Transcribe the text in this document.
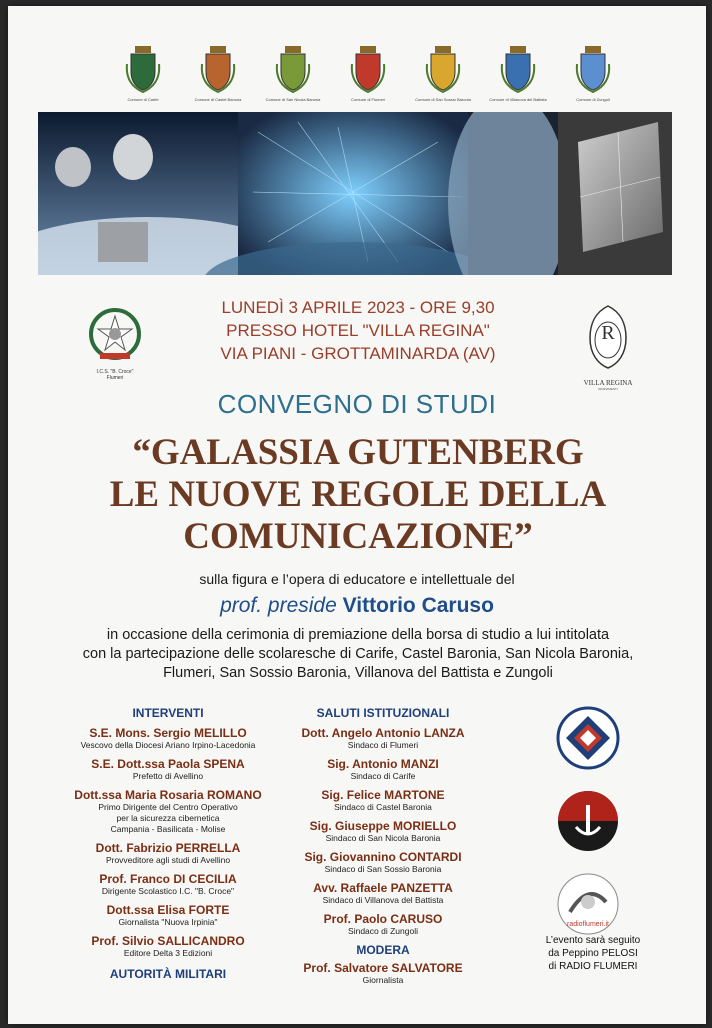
Comune di Carife	Comune di Castel Baronia	Comune di San Nicola Baronia	Comune di Flumeri	Comune di San Sossio Baronia	Comune di Villanova del Battista	Comune di Zungoli
I.C.S. "B. Croce"
Flumeri
LUNEDÌ 3 APRILE 2023 - ORE 9,30
PRESSO HOTEL "VILLA REGINA"
VIA PIANI - GROTTAMINARDA (AV)
R
VILLA REGINA
RICEVIMENTI
CONVEGNO DI STUDI
“GALASSIA GUTENBERG
LE NUOVE REGOLE DELLA
COMUNICAZIONE”
sulla figura e l’opera di educatore e intellettuale del
prof. preside Vittorio Caruso
in occasione della cerimonia di premiazione della borsa di studio a lui intitolata
con la partecipazione delle scolaresche di Carife, Castel Baronia, San Nicola Baronia,
Flumeri, San Sossio Baronia, Villanova del Battista e Zungoli
INTERVENTI
S.E. Mons. Sergio MELILLO
Vescovo della Diocesi Ariano Irpino-Lacedonia
S.E. Dott.ssa Paola SPENA
Prefetto di Avellino
Dott.ssa Maria Rosaria ROMANO
Primo Dirigente del Centro Operativo
per la sicurezza cibernetica
Campania - Basilicata - Molise
Dott. Fabrizio PERRELLA
Provveditore agli studi di Avellino
Prof. Franco DI CECILIA
Dirigente Scolastico I.C. "B. Croce"
Dott.ssa Elisa FORTE
Giornalista "Nuova Irpinia"
Prof. Silvio SALLICANDRO
Editore Delta 3 Edizioni
AUTORITÀ MILITARI
SALUTI ISTITUZIONALI
Dott. Angelo Antonio LANZA
Sindaco di Flumeri
Sig. Antonio MANZI
Sindaco di Carife
Sig. Felice MARTONE
Sindaco di Castel Baronia
Sig. Giuseppe MORIELLO
Sindaco di San Nicola Baronia
Sig. Giovannino CONTARDI
Sindaco di San Sossio Baronia
Avv. Raffaele PANZETTA
Sindaco di Villanova del Battista
Prof. Paolo CARUSO
Sindaco di Zungoli
MODERA
Prof. Salvatore SALVATORE
Giornalista

radioflumeri.it
L’evento sarà seguito
da Peppino PELOSI
di RADIO FLUMERI
